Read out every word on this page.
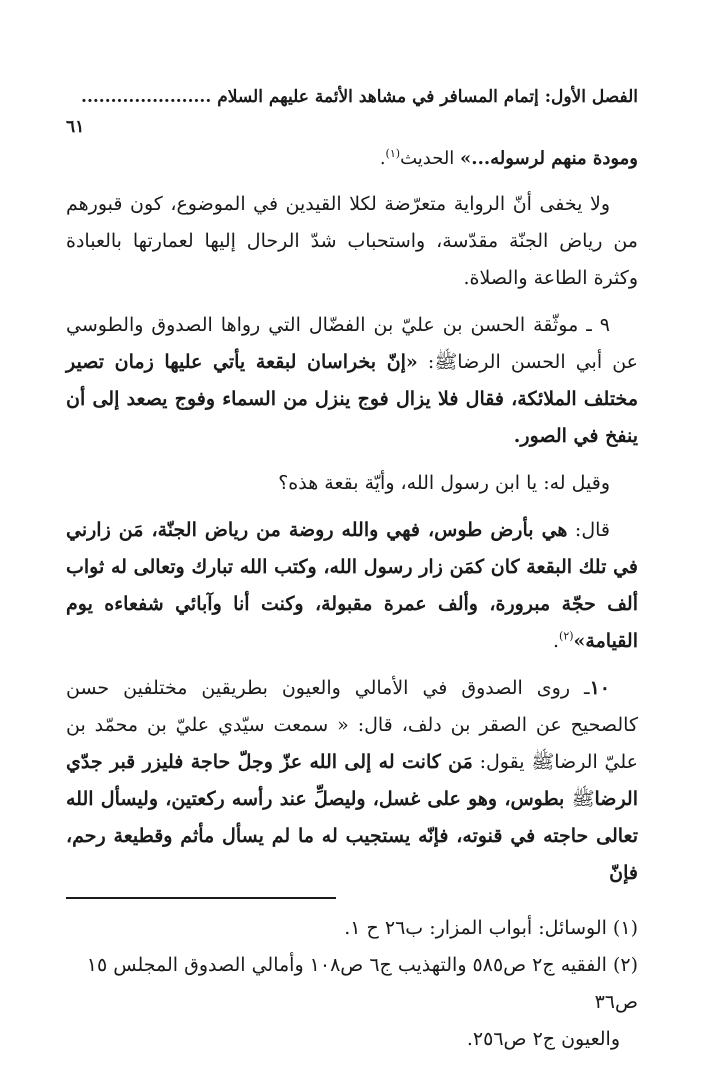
الفصل الأول: إتمام المسافر في مشاهد الأئمة عليهم السلام ......................
٦١

ومودة منهم لرسوله...» الحديث$^{(١)}$.

ولا يخفى أنّ الرواية متعرّضة لكلا القيدين في الموضوع، كون قبورهم من رياض الجنّة مقدّسة، واستحباب شدّ الرحال إليها لعمارتها بالعبادة وكثرة الطاعة والصلاة.

٩ ـ موثّقة الحسن بن عليّ بن الفضّال التي رواها الصدوق والطوسي عن أبي الحسن الرضاﷺ: «إنّ بخراسان لبقعة يأتي عليها زمان تصير مختلف الملائكة، فقال فلا يزال فوج ينزل من السماء وفوج يصعد إلى أن ينفخ في الصور.

وقيل له: يا ابن رسول الله، وأيّة بقعة هذه؟

قال: هي بأرض طوس، فهي والله روضة من رياض الجنّة، مَن زارني في تلك البقعة كان كمَن زار رسول الله، وكتب الله تبارك وتعالى له ثواب ألف حجّة مبرورة، وألف عمرة مقبولة، وكنت أنا وآبائي شفعاءه يوم القيامة»$^{(٢)}$.

١٠ـ روى الصدوق في الأمالي والعيون بطريقين مختلفين حسن كالصحيح عن الصقر بن دلف، قال: « سمعت سيّدي عليّ بن محمّد بن عليّ الرضاﷺ يقول: مَن كانت له إلى الله عزّ وجلّ حاجة فليزر قبر جدّي الرضاﷺ بطوس، وهو على غسل، وليصلِّ عند رأسه ركعتين، وليسأل الله تعالى حاجته في قنوته، فإنّه يستجيب له ما لم يسأل مأثم وقطيعة رحم، فإنّ

(١) الوسائل: أبواب المزار: ب٢٦ ح ١.

(٢) الفقيه ج٢ ص٥٨٥ والتهذيب ج٦ ص١٠٨ وأمالي الصدوق المجلس ١٥ ص٣٦

والعيون ج٢ ص٢٥٦.
